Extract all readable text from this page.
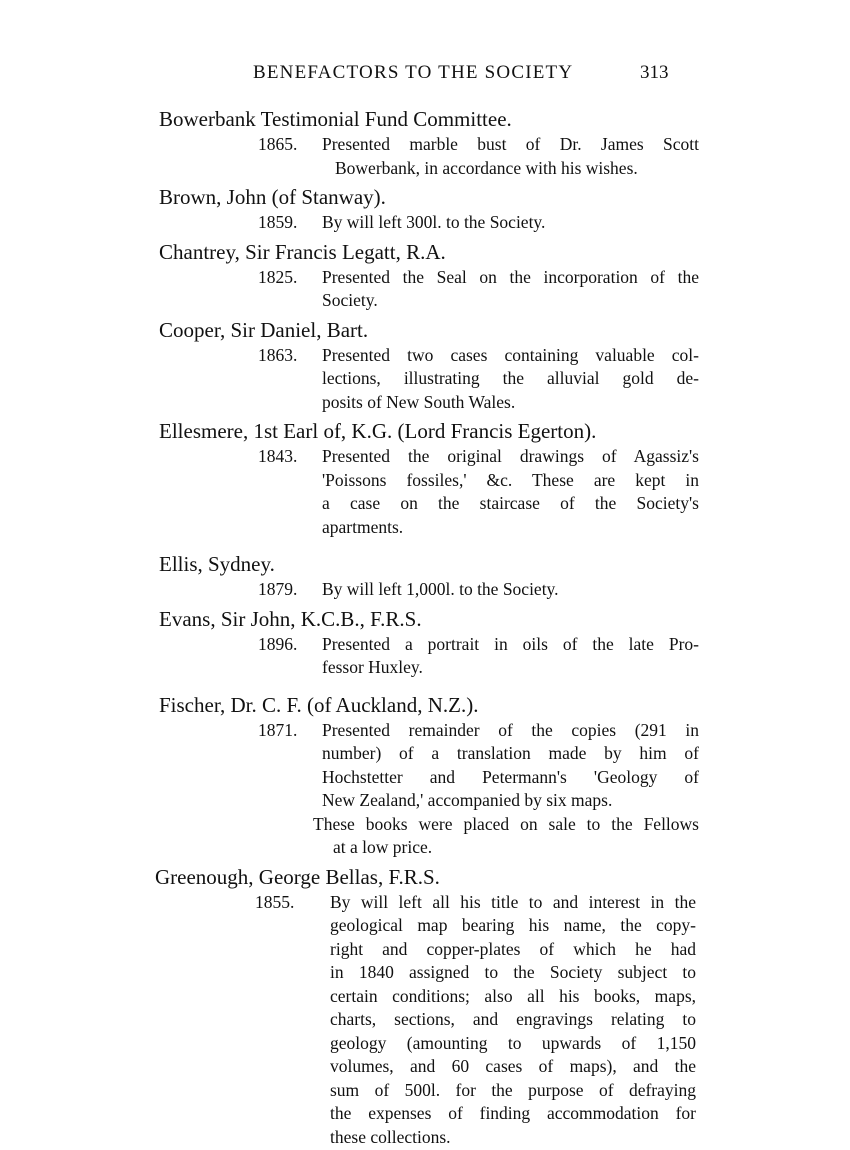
BENEFACTORS TO THE SOCIETY	313
Bowerbank Testimonial Fund Committee.
1865. Presented marble bust of Dr. James Scott
Bowerbank, in accordance with his wishes.
Brown, John (of Stanway).
1859. By will left 300l. to the Society.
Chantrey, Sir Francis Legatt, R.A.
1825. Presented the Seal on the incorporation of the
Society.
Cooper, Sir Daniel, Bart.
1863. Presented two cases containing valuable col-
lections, illustrating the alluvial gold de-
posits of New South Wales.
Ellesmere, 1st Earl of, K.G. (Lord Francis Egerton).
1843. Presented the original drawings of Agassiz's
'Poissons fossiles,' &c. These are kept in
a case on the staircase of the Society's
apartments.
Ellis, Sydney.
1879. By will left 1,000l. to the Society.
Evans, Sir John, K.C.B., F.R.S.
1896. Presented a portrait in oils of the late Pro-
fessor Huxley.
Fischer, Dr. C. F. (of Auckland, N.Z.).
1871. Presented remainder of the copies (291 in
number) of a translation made by him of
Hochstetter and Petermann's 'Geology of
New Zealand,' accompanied by six maps.
These books were placed on sale to the Fellows
at a low price.
Greenough, George Bellas, F.R.S.
1855. By will left all his title to and interest in the
geological map bearing his name, the copy-
right and copper-plates of which he had
in 1840 assigned to the Society subject to
certain conditions; also all his books, maps,
charts, sections, and engravings relating to
geology (amounting to upwards of 1,150
volumes, and 60 cases of maps), and the
sum of 500l. for the purpose of defraying
the expenses of finding accommodation for
these collections.
